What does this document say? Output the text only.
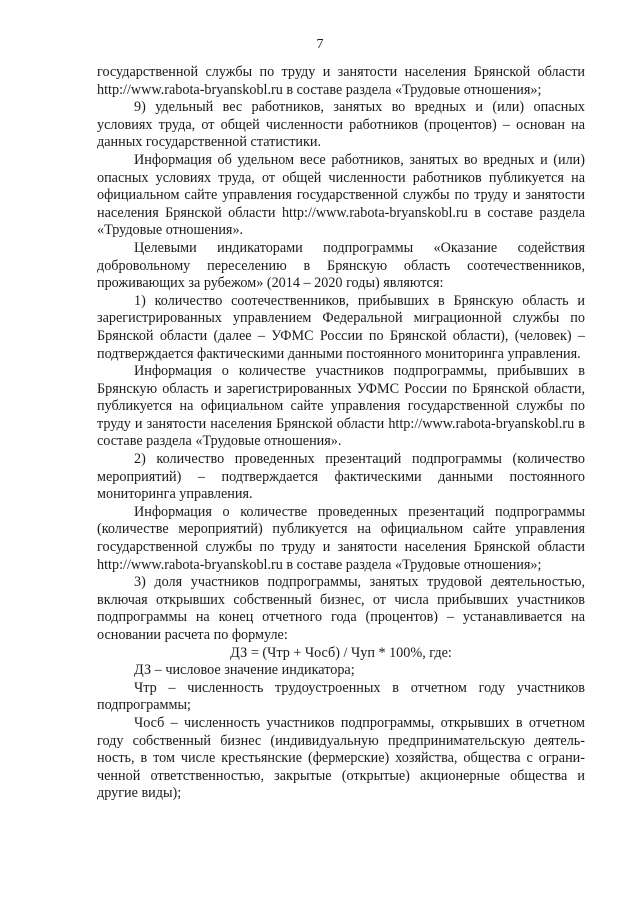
7

государственной службы по труду и занятости населения Брянской области http://www.rabota-bryanskobl.ru в составе раздела «Трудовые отношения»;

9) удельный вес работников, занятых во вредных и (или) опасных условиях труда, от общей численности работников (процентов) – основан на данных государственной статистики.

Информация об удельном весе работников, занятых во вредных и (или) опасных условиях труда, от общей численности работников публикуется на официальном сайте управления государственной службы по труду и занятости населения Брянской области http://www.rabota-bryanskobl.ru в составе раздела «Трудовые отношения».

Целевыми индикаторами подпрограммы «Оказание содействия добровольному переселению в Брянскую область соотечественников, проживающих за рубежом» (2014 – 2020 годы) являются:

1) количество соотечественников, прибывших в Брянскую область и зарегистрированных управлением Федеральной миграционной службы по Брянской области (далее – УФМС России по Брянской области), (человек) – подтверждается фактическими данными постоянного мониторинга управления.

Информация о количестве участников подпрограммы, прибывших в Брянскую область и зарегистрированных УФМС России по Брянской области, публикуется на официальном сайте управления государственной службы по труду и занятости населения Брянской области http://www.rabota-bryanskobl.ru в составе раздела «Трудовые отношения».

2) количество проведенных презентаций подпрограммы (количество мероприятий) – подтверждается фактическими данными постоянного мониторинга управления.

Информация о количестве проведенных презентаций подпрограммы (количестве мероприятий) публикуется на официальном сайте управления государственной службы по труду и занятости населения Брянской области http://www.rabota-bryanskobl.ru в составе раздела «Трудовые отношения»;

3) доля участников подпрограммы, занятых трудовой деятельностью, включая открывших собственный бизнес, от числа прибывших участников подпрограммы на конец отчетного года (процентов) – устанавливается на основании расчета по формуле:

ДЗ = (Чтр + Чосб) / Чуп * 100%, где:

ДЗ – числовое значение индикатора;

Чтр – численность трудоустроенных в отчетном году участников подпрограммы;

Чосб – численность участников подпрограммы, открывших в отчетном году собственный бизнес (индивидуальную предпринимательскую деятельность, в том числе крестьянские (фермерские) хозяйства, общества с ограниченной ответственностью, закрытые (открытые) акционерные общества и другие виды);
